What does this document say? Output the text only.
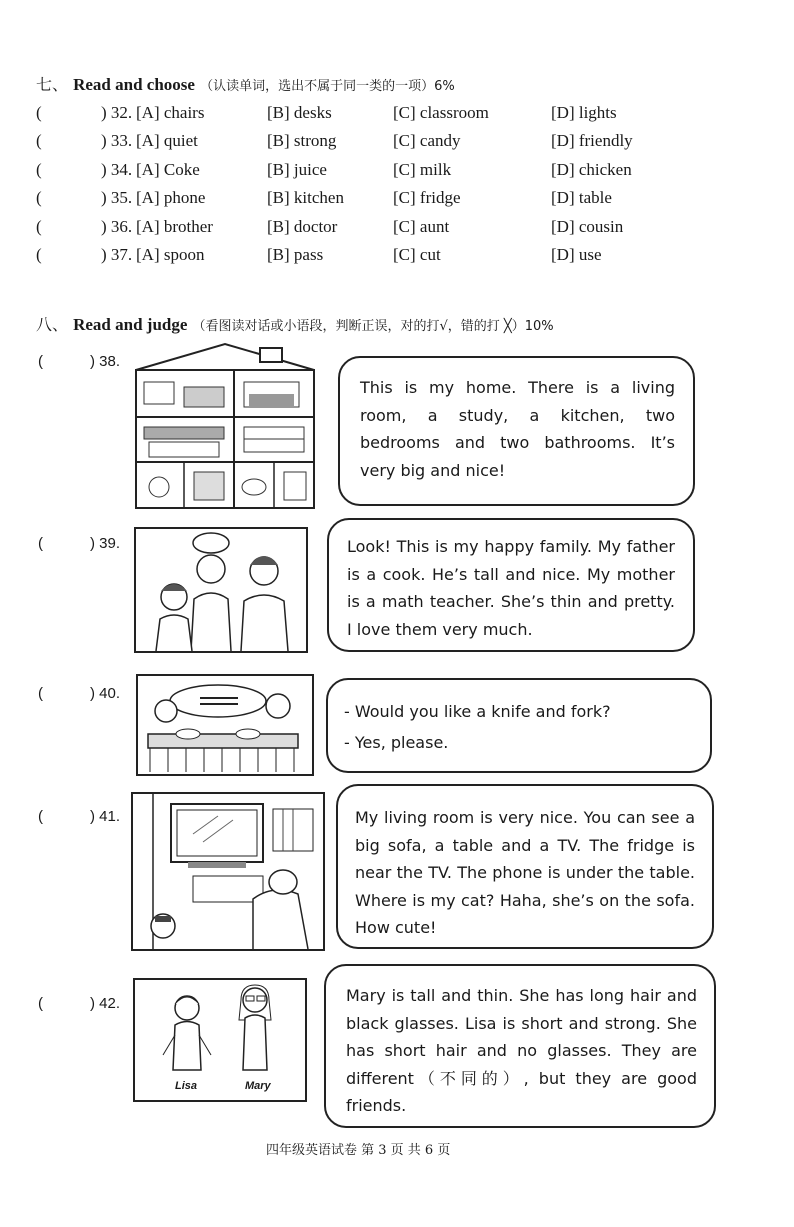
七、 Read and choose （认读单词，选出不属于同一类的一项）6%
(	) 32. [A] chairs	[B] desks	[C] classroom	[D] lights
(	) 33. [A] quiet	[B] strong	[C] candy	[D] friendly
(	) 34. [A] Coke	[B] juice	[C] milk	[D] chicken
(	) 35. [A] phone	[B] kitchen	[C] fridge	[D] table
(	) 36. [A] brother	[B] doctor	[C] aunt	[D] cousin
(	) 37. [A] spoon	[B] pass	[C] cut	[D] use
八、 Read and judge （看图读对话或小语段，判断正误，对的打√，错的打 ╳）10%
(	) 38.

This is my home. There is a living room, a study, a kitchen, two bedrooms and two bathrooms. It’s very big and nice!

(	) 39.	Look! This is my happy family. My father is a cook. He’s tall and nice. My mother is a math teacher. She’s thin and pretty. I love them very much.

(	) 40.

- Would you like a knife and fork?

- Yes, please.

(	) 41.	My living room is very nice. You can see a big sofa, a table and a TV. The fridge is near the TV. The phone is under the table. Where is my cat? Haha, she’s on the sofa. How cute!

(	) 42.
Lisa	Mary

Mary is tall and thin. She has long hair and black glasses. Lisa is short and strong. She has short hair and no glasses. They are different（不同的）, but they are good friends.

四年级英语试卷 第 3 页 共 6 页
